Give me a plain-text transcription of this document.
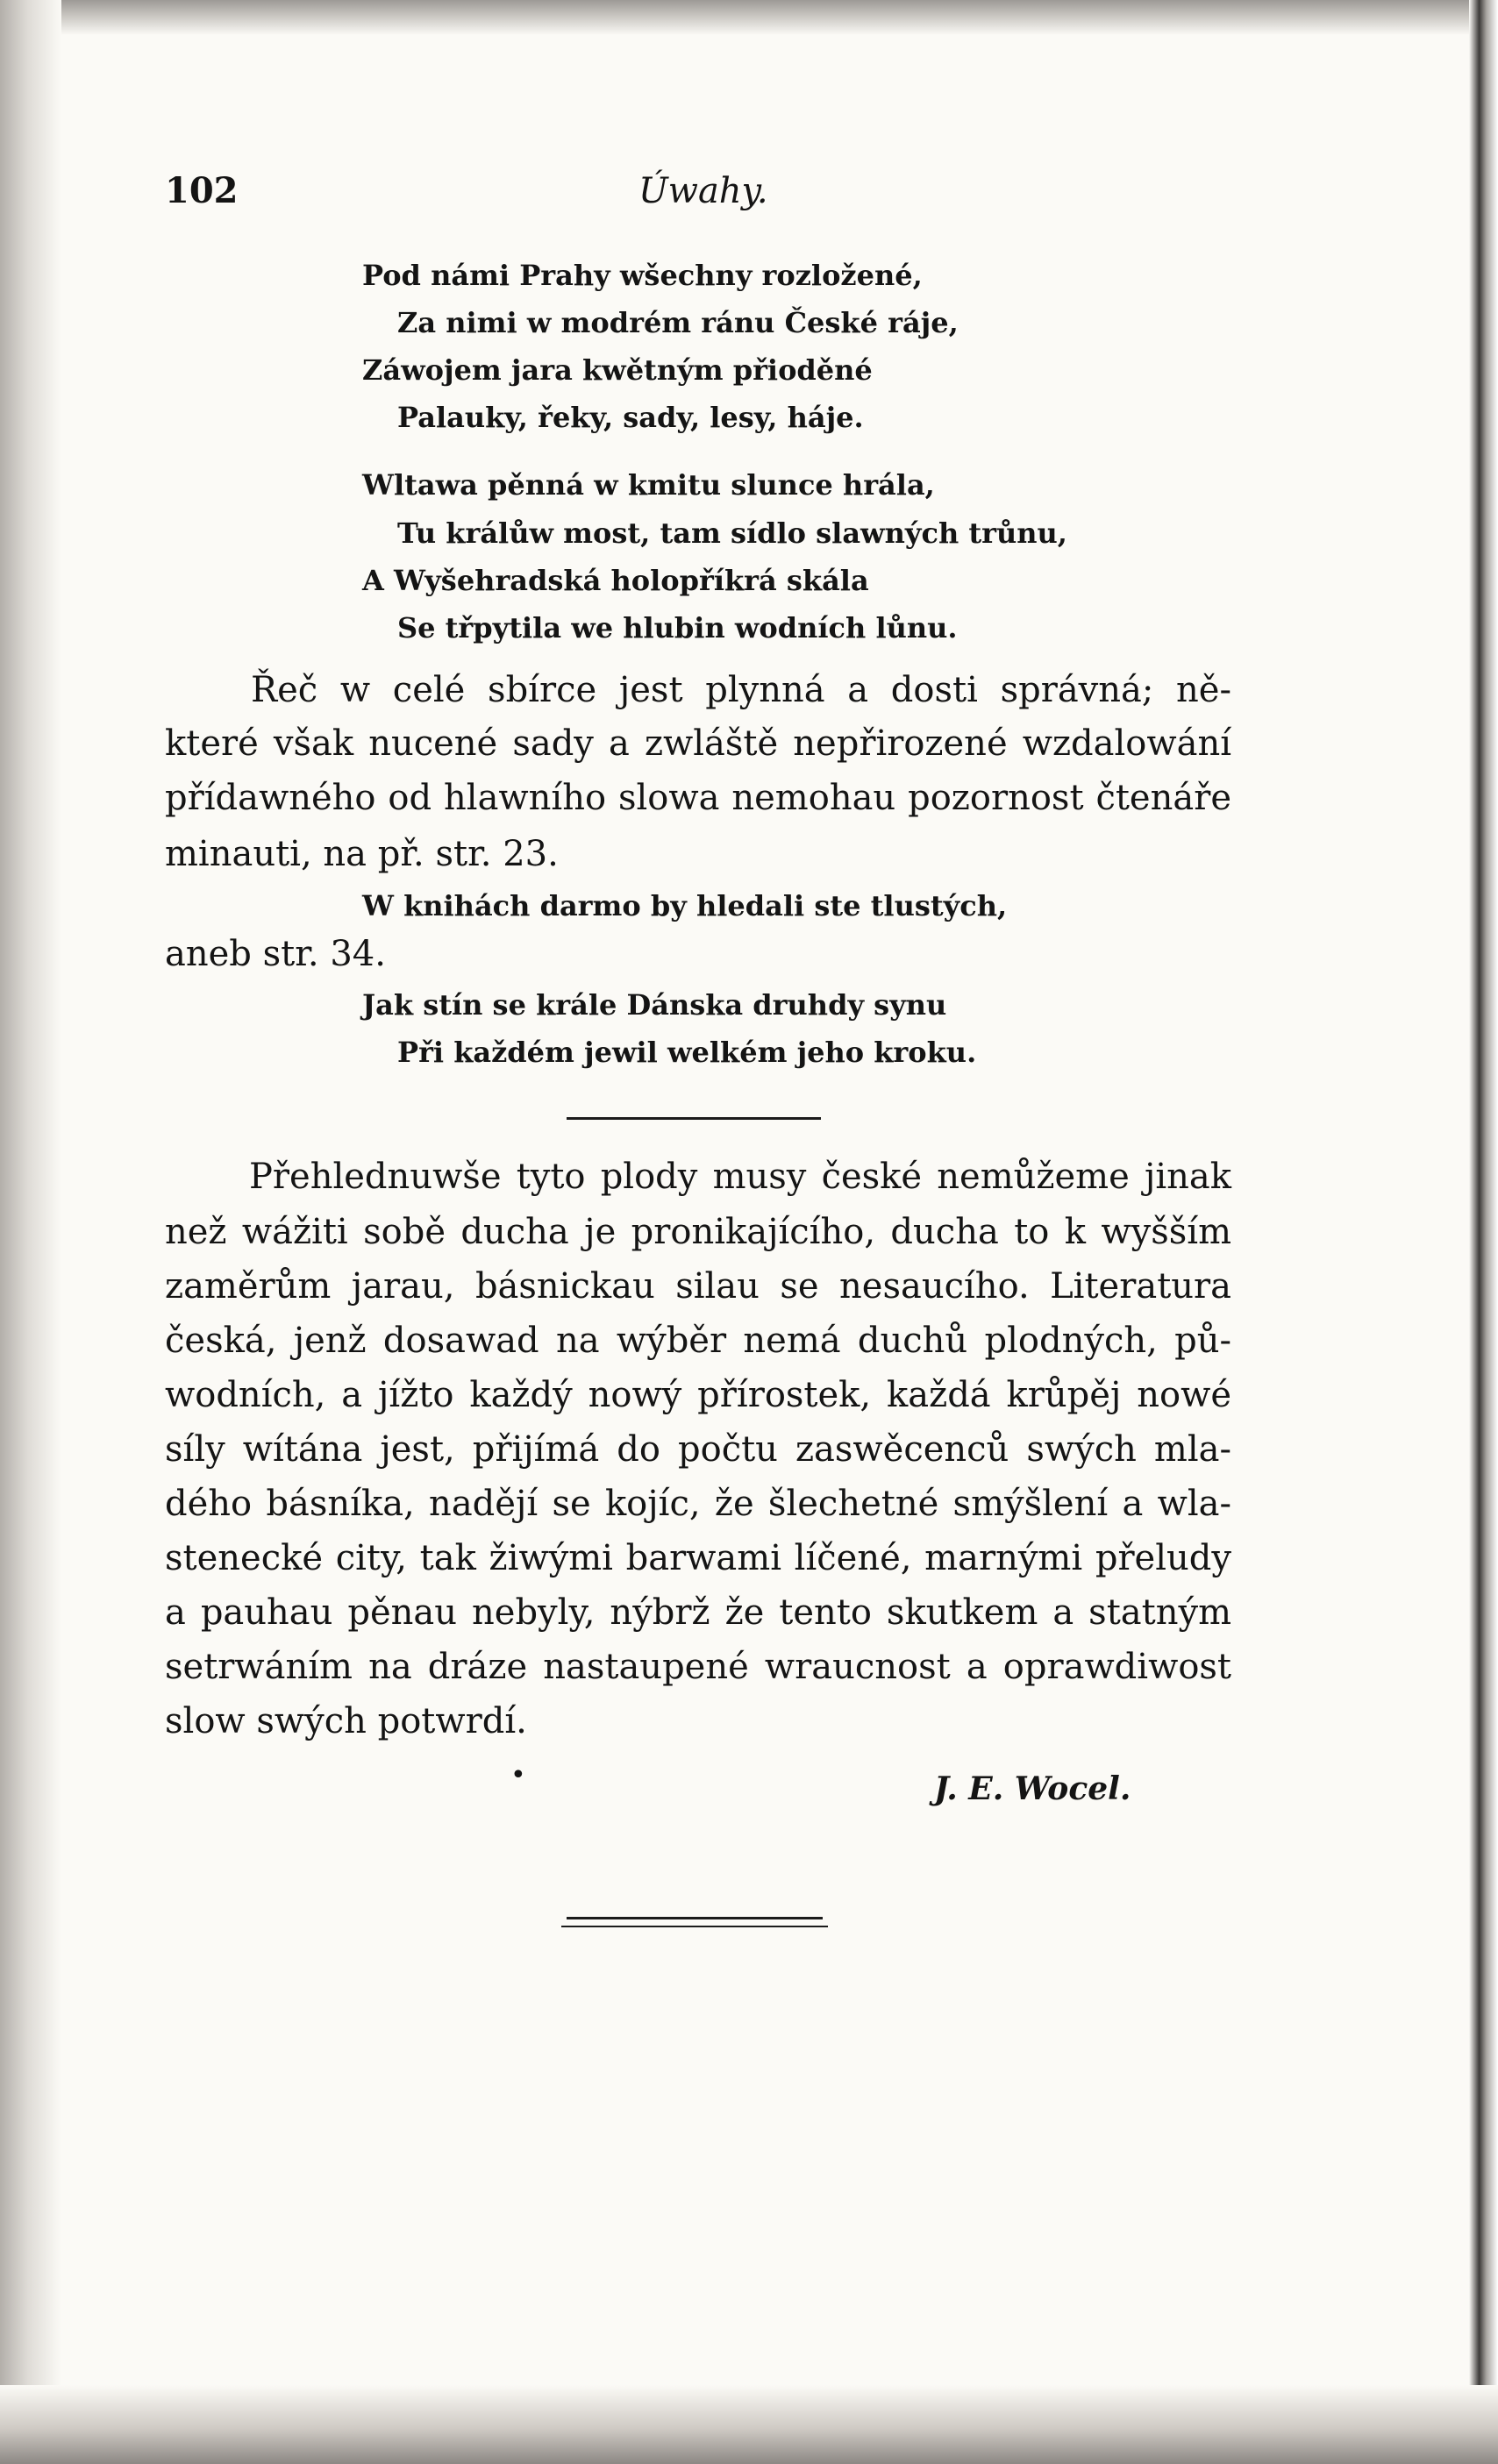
102	Úwahy.
Pod námi Prahy wšechny rozložené,
Za nimi w modrém ránu České ráje,
Záwojem jara kwětným přioděné
Palauky, řeky, sady, lesy, háje.
Wltawa pěnná w kmitu slunce hrála,
Tu králůw most, tam sídlo slawných trůnu,
A Wyšehradská holopříkrá skála
Se třpytila we hlubin wodních lůnu.
Řeč w celé sbírce jest plynná a dosti správná; ně-
které však nucené sady a zwláště nepřirozené wzdalowání
přídawného od hlawního slowa nemohau pozornost čtenáře
minauti, na př. str. 23.
W knihách darmo by hledali ste tlustých,
aneb str. 34.
Jak stín se krále Dánska druhdy synu
Při každém jewil welkém jeho kroku.
Přehlednuwše tyto plody musy české nemůžeme jinak
než wážiti sobě ducha je pronikajícího, ducha to k wyšším
zaměrům jarau, básnickau silau se nesaucího. Literatura
česká, jenž dosawad na wýběr nemá duchů plodných, pů-
wodních, a jížto každý nowý přírostek, každá krůpěj nowé
síly wítána jest, přijímá do počtu zaswěcenců swých mla-
dého básníka, nadějí se kojíc, že šlechetné smýšlení a wla-
stenecké city, tak žiwými barwami líčené, marnými přeludy
a pauhau pěnau nebyly, nýbrž že tento skutkem a statným
setrwáním na dráze nastaupené wraucnost a oprawdiwost
slow swých potwrdí.
•	J. E. Wocel.
